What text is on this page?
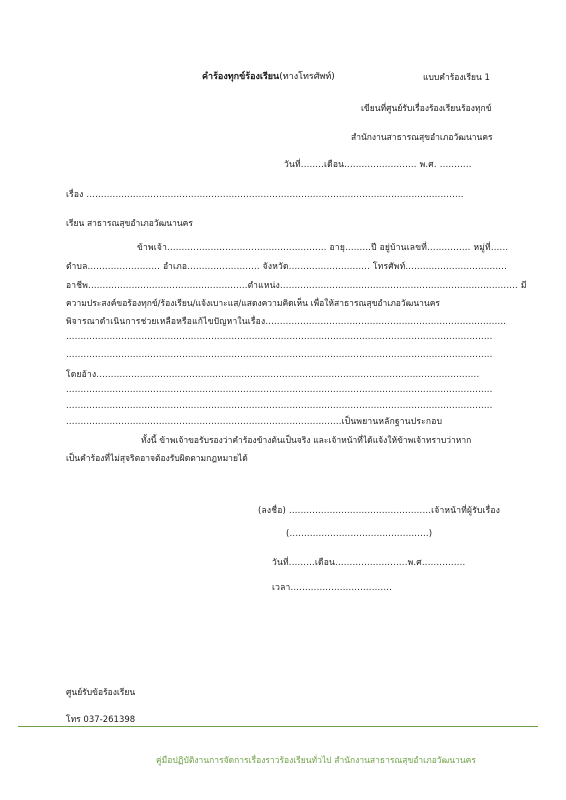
คำร้องทุกข์ร้องเรียน(ทางโทรศัพท์)	แบบคำร้องเรียน 1
เขียนที่ศูนย์รับเรื่องร้องเรียนร้องทุกข์
สำนักงานสาธารณสุขอำเภอวัฒนานคร
วันที่........เดือน......................... พ.ศ. ...........
เรื่อง ..................................................................................................................................
เรียน สาธารณสุขอำเภอวัฒนานคร
ข้าพเจ้า....................................................... อายุ.........ปี อยู่บ้านเลขที่............... หมู่ที่......
ตำบล......................... อำเภอ......................... จังหวัด............................ โทรศัพท์...................................
อาชีพ.......................................................ตำแหน่ง.................................................................................. มี
ความประสงค์ขอร้องทุกข์/ร้องเรียน/แจ้งเบาะแส/แสดงความคิดเห็น เพื่อให้สาธารณสุขอำเภอวัฒนานคร
พิจารณาดำเนินการช่วยเหลือหรือแก้ไขปัญหาในเรื่อง...................................................................................
...................................................................................................................................................
...................................................................................................................................................
โดยอ้าง....................................................................................................................................
...................................................................................................................................................
...................................................................................................................................................
...............................................................................................เป็นพยานหลักฐานประกอบ
ทั้งนี้ ข้าพเจ้าขอรับรองว่าคำร้องข้างต้นเป็นจริง และเจ้าหน้าที่ได้แจ้งให้ข้าพเจ้าทราบว่าหาก
เป็นคำร้องที่ไม่สุจริตอาจต้องรับผิดตามกฎหมายได้
(ลงชื่อ) .................................................เจ้าหน้าที่ผู้รับเรื่อง
(................................................)
วันที่.........เดือน.........................พ.ศ...............
เวลา...................................
ศูนย์รับข้อร้องเรียน
โทร 037-261398
คู่มือปฏิบัติงานการจัดการเรื่องราวร้องเรียนทั่วไป สำนักงานสาธารณสุขอำเภอวัฒนานคร
